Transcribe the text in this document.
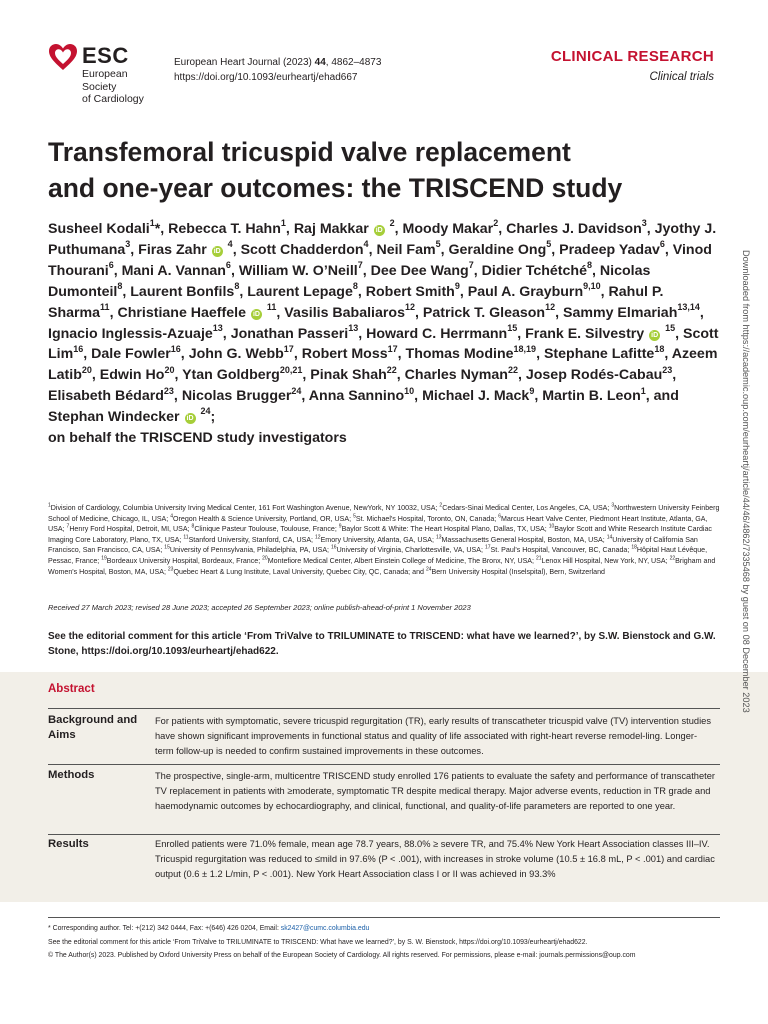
ESC
European Society
of Cardiology
European Heart Journal (2023) 44, 4862–4873
https://doi.org/10.1093/eurheartj/ehad667
CLINICAL RESEARCH
Clinical trials
Transfemoral tricuspid valve replacement
and one-year outcomes: the TRISCEND study
Susheel Kodali$^1$*, Rebecca T. Hahn$^1$, Raj Makkar iD $^2$, Moody Makar$^2$, Charles J. Davidson$^3$, Jyothy J. Puthumana$^3$, Firas Zahr iD $^4$, Scott Chadderdon$^4$, Neil Fam$^5$, Geraldine Ong$^5$, Pradeep Yadav$^6$, Vinod Thourani$^6$, Mani A. Vannan$^6$, William W. O’Neill$^7$, Dee Dee Wang$^7$, Didier Tchétché$^8$, Nicolas Dumonteil$^8$, Laurent Bonfils$^8$, Laurent Lepage$^8$, Robert Smith$^9$, Paul A. Grayburn$^{9,10}$, Rahul P. Sharma$^{11}$, Christiane Haeffele iD $^{11}$, Vasilis Babaliaros$^{12}$, Patrick T. Gleason$^{12}$, Sammy Elmariah$^{13,14}$, Ignacio Inglessis-Azuaje$^{13}$, Jonathan Passeri$^{13}$, Howard C. Herrmann$^{15}$, Frank E. Silvestry iD $^{15}$, Scott Lim$^{16}$, Dale Fowler$^{16}$, John G. Webb$^{17}$, Robert Moss$^{17}$, Thomas Modine$^{18,19}$, Stephane Lafitte$^{18}$, Azeem Latib$^{20}$, Edwin Ho$^{20}$, Ytan Goldberg$^{20,21}$, Pinak Shah$^{22}$, Charles Nyman$^{22}$, Josep Rodés-Cabau$^{23}$, Elisabeth Bédard$^{23}$, Nicolas Brugger$^{24}$, Anna Sannino$^{10}$, Michael J. Mack$^9$, Martin B. Leon$^1$, and Stephan Windecker iD $^{24}$;
on behalf the TRISCEND study investigators
$^1$Division of Cardiology, Columbia University Irving Medical Center, 161 Fort Washington Avenue, NewYork, NY 10032, USA; $^2$Cedars-Sinai Medical Center, Los Angeles, CA, USA; $^3$Northwestern University Feinberg School of Medicine, Chicago, IL, USA; $^4$Oregon Health & Science University, Portland, OR, USA; $^5$St. Michael's Hospital, Toronto, ON, Canada; $^6$Marcus Heart Valve Center, Piedmont Heart Institute, Atlanta, GA, USA; $^7$Henry Ford Hospital, Detroit, MI, USA; $^8$Clinique Pasteur Toulouse, Toulouse, France; $^9$Baylor Scott & White: The Heart Hospital Plano, Dallas, TX, USA; $^{10}$Baylor Scott and White Research Institute Cardiac Imaging Core Laboratory, Plano, TX, USA; $^{11}$Stanford University, Stanford, CA, USA; $^{12}$Emory University, Atlanta, GA, USA; $^{13}$Massachusetts General Hospital, Boston, MA, USA; $^{14}$University of California San Francisco, San Francisco, CA, USA; $^{15}$University of Pennsylvania, Philadelphia, PA, USA; $^{16}$University of Virginia, Charlottesville, VA, USA; $^{17}$St. Paul's Hospital, Vancouver, BC, Canada; $^{18}$Hôpital Haut Lévêque, Pessac, France; $^{19}$Bordeaux University Hospital, Bordeaux, France; $^{20}$Montefiore Medical Center, Albert Einstein College of Medicine, The Bronx, NY, USA; $^{21}$Lenox Hill Hospital, New York, NY, USA; $^{22}$Brigham and Women's Hospital, Boston, MA, USA; $^{23}$Quebec Heart & Lung Institute, Laval University, Quebec City, QC, Canada; and $^{24}$Bern University Hospital (Inselspital), Bern, Switzerland
Received 27 March 2023; revised 28 June 2023; accepted 26 September 2023; online publish-ahead-of-print 1 November 2023
See the editorial comment for this article ‘From TriValve to TRILUMINATE to TRISCEND: what have we learned?’, by S.W. Bienstock and G.W. Stone, https://doi.org/10.1093/eurheartj/ehad622.
Abstract
Background and Aims
For patients with symptomatic, severe tricuspid regurgitation (TR), early results of transcatheter tricuspid valve (TV) intervention studies have shown significant improvements in functional status and quality of life associated with right-heart reverse remodel-ling. Longer-term follow-up is needed to confirm sustained improvements in these outcomes.
Methods	The prospective, single-arm, multicentre TRISCEND study enrolled 176 patients to evaluate the safety and performance of transcatheter TV replacement in patients with ≥moderate, symptomatic TR despite medical therapy. Major adverse events, reduction in TR grade and haemodynamic outcomes by echocardiography, and clinical, functional, and quality-of-life parameters are reported to one year.
Results	Enrolled patients were 71.0% female, mean age 78.7 years, 88.0% ≥ severe TR, and 75.4% New York Heart Association classes III–IV. Tricuspid regurgitation was reduced to ≤mild in 97.6% (P < .001), with increases in stroke volume (10.5 ± 16.8 mL, P < .001) and cardiac output (0.6 ± 1.2 L/min, P < .001). New York Heart Association class I or II was achieved in 93.3%
* Corresponding author. Tel: +(212) 342 0444, Fax: +(646) 426 0204, Email: sk2427@cumc.columbia.edu
See the editorial comment for this article ‘From TriValve to TRILUMINATE to TRISCEND: What have we learned?’, by S. W. Bienstock, https://doi.org/10.1093/eurheartj/ehad622.
© The Author(s) 2023. Published by Oxford University Press on behalf of the European Society of Cardiology. All rights reserved. For permissions, please e-mail: journals.permissions@oup.com
Downloaded from https://academic.oup.com/eurheartj/article/44/46/4862/7335468 by guest on 08 December 2023
